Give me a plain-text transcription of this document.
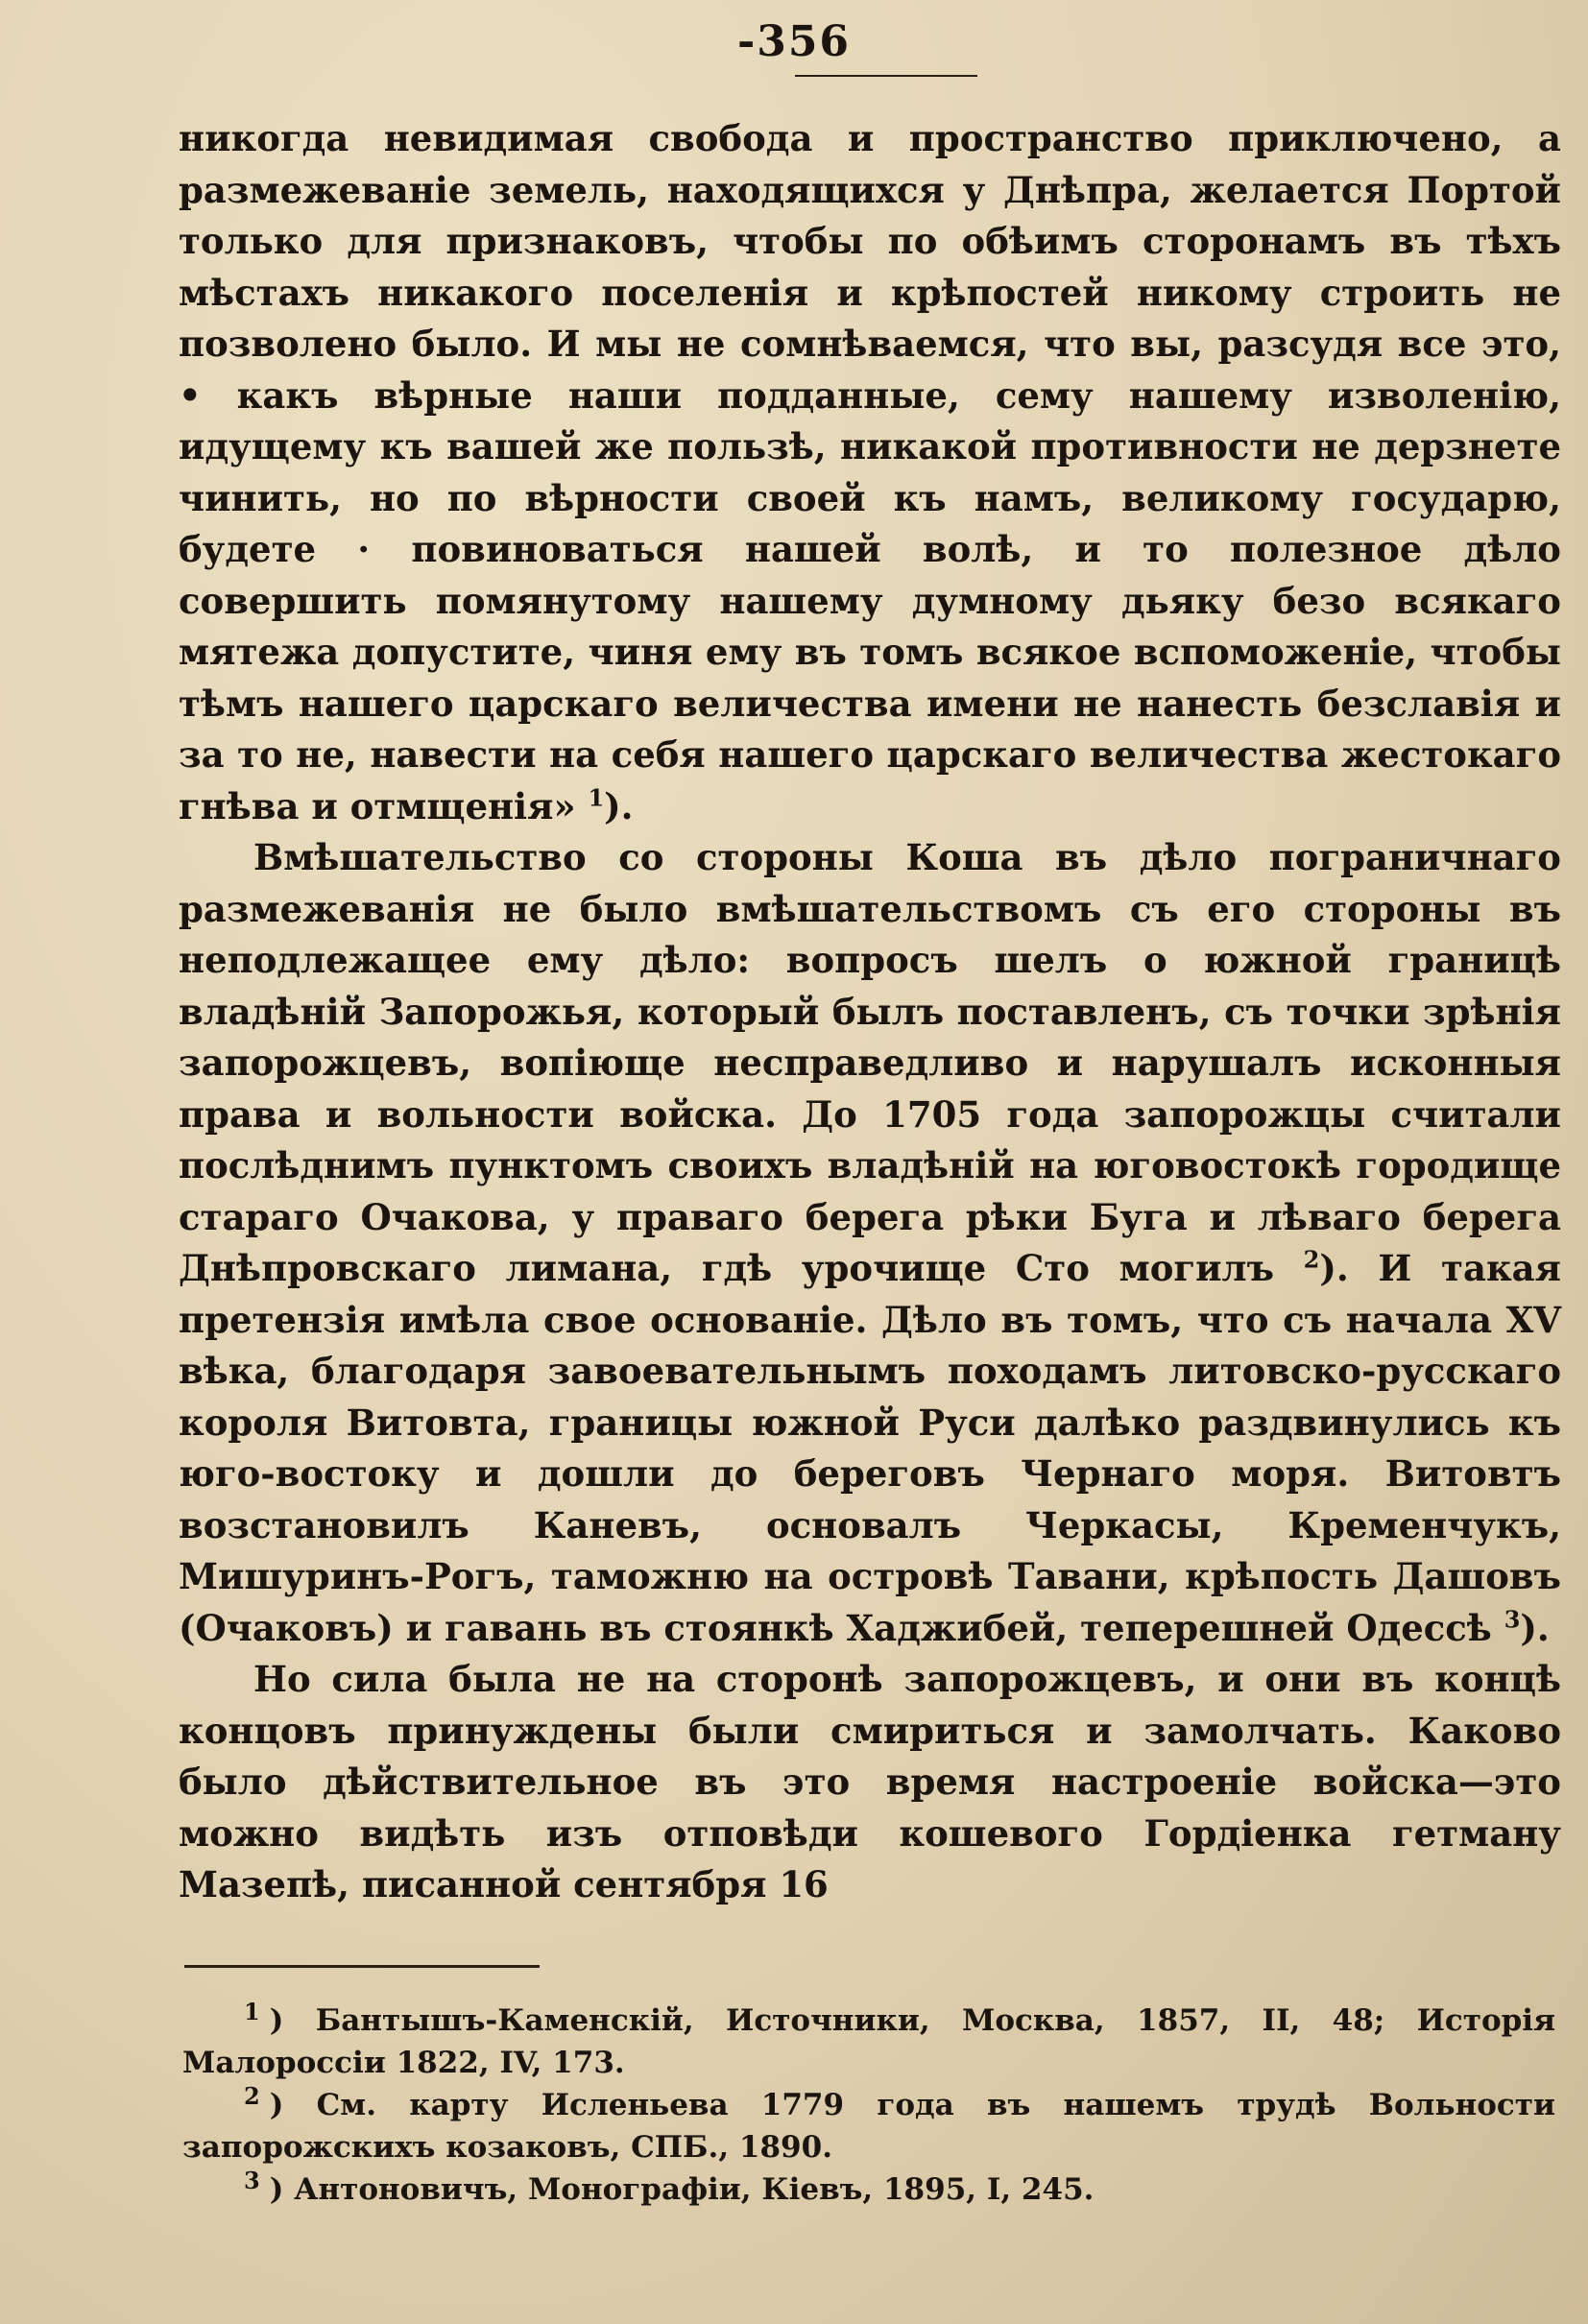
-356

никогда невидимая свобода и пространство приключено, а размежеванiе земель, находящихся у Днѣпра, желается Портой только для признаковъ, чтобы по обѣимъ сторонамъ въ тѣхъ мѣстахъ никакого поселенiя и крѣпостей никому строить не позволено было. И мы не сомнѣваемся, что вы, разсудя все это, • какъ вѣрные наши подданные, сему нашему изволенiю, идущему къ вашей же пользѣ, никакой противности не дерзнете чинить, но по вѣрности своей къ намъ, великому государю, будете · повиноваться нашей волѣ, и то полезное дѣло совершить помянутому нашему думному дьяку безо всякаго мятежа допустите, чиня ему въ томъ всякое вспоможенiе, чтобы тѣмъ нашего царскаго величества имени не нанесть безславiя и за то не, навести на себя нашего царскаго величества жестокаго гнѣва и отмщенiя» $^1$).

Вмѣшательство со стороны Коша въ дѣло пограничнаго размежеванiя не было вмѣшательствомъ съ его стороны въ неподлежащее ему дѣло: вопросъ шелъ о южной границѣ владѣнiй Запорожья, который былъ поставленъ, съ точки зрѣнiя запорожцевъ, вопiюще несправедливо и нарушалъ исконныя права и вольности войска. До 1705 года запорожцы считали послѣднимъ пунктомъ своихъ владѣнiй на юговостокѣ городище стараго Очакова, у праваго берега рѣки Буга и лѣваго берега Днѣпровскаго лимана, гдѣ урочище Сто могилъ $^2$). И такая претензiя имѣла свое основанiе. Дѣло въ томъ, что съ начала XV вѣка, благодаря завоевательнымъ походамъ литовско-русскаго короля Витовта, границы южной Руси далѣко раздвинулись къ юго-востоку и дошли до береговъ Чернаго моря. Витовтъ возстановилъ Каневъ, основалъ Черкасы, Кременчукъ, Мишуринъ-Рогъ, таможню на островѣ Тавани, крѣпость Дашовъ (Очаковъ) и гавань въ стоянкѣ Хаджибей, теперешней Одессѣ $^3$).

Но сила была не на сторонѣ запорожцевъ, и они въ концѣ концовъ принуждены были смириться и замолчать. Каково было дѣйствительное въ это время настроенiе войска—это можно видѣть изъ отповѣди кошевого Гордiенка гетману Мазепѣ, писанной сентября 16

$^1$ ) Бантышъ-Каменскiй, Источники, Москва, 1857, II, 48; Исторiя Малороссiи 1822, IV, 173.

$^2$ ) См. карту Исленьева 1779 года въ нашемъ трудѣ Вольности запорожскихъ козаковъ, СПБ., 1890.

$^3$ ) Антоновичъ, Монографiи, Кiевъ, 1895, I, 245.
